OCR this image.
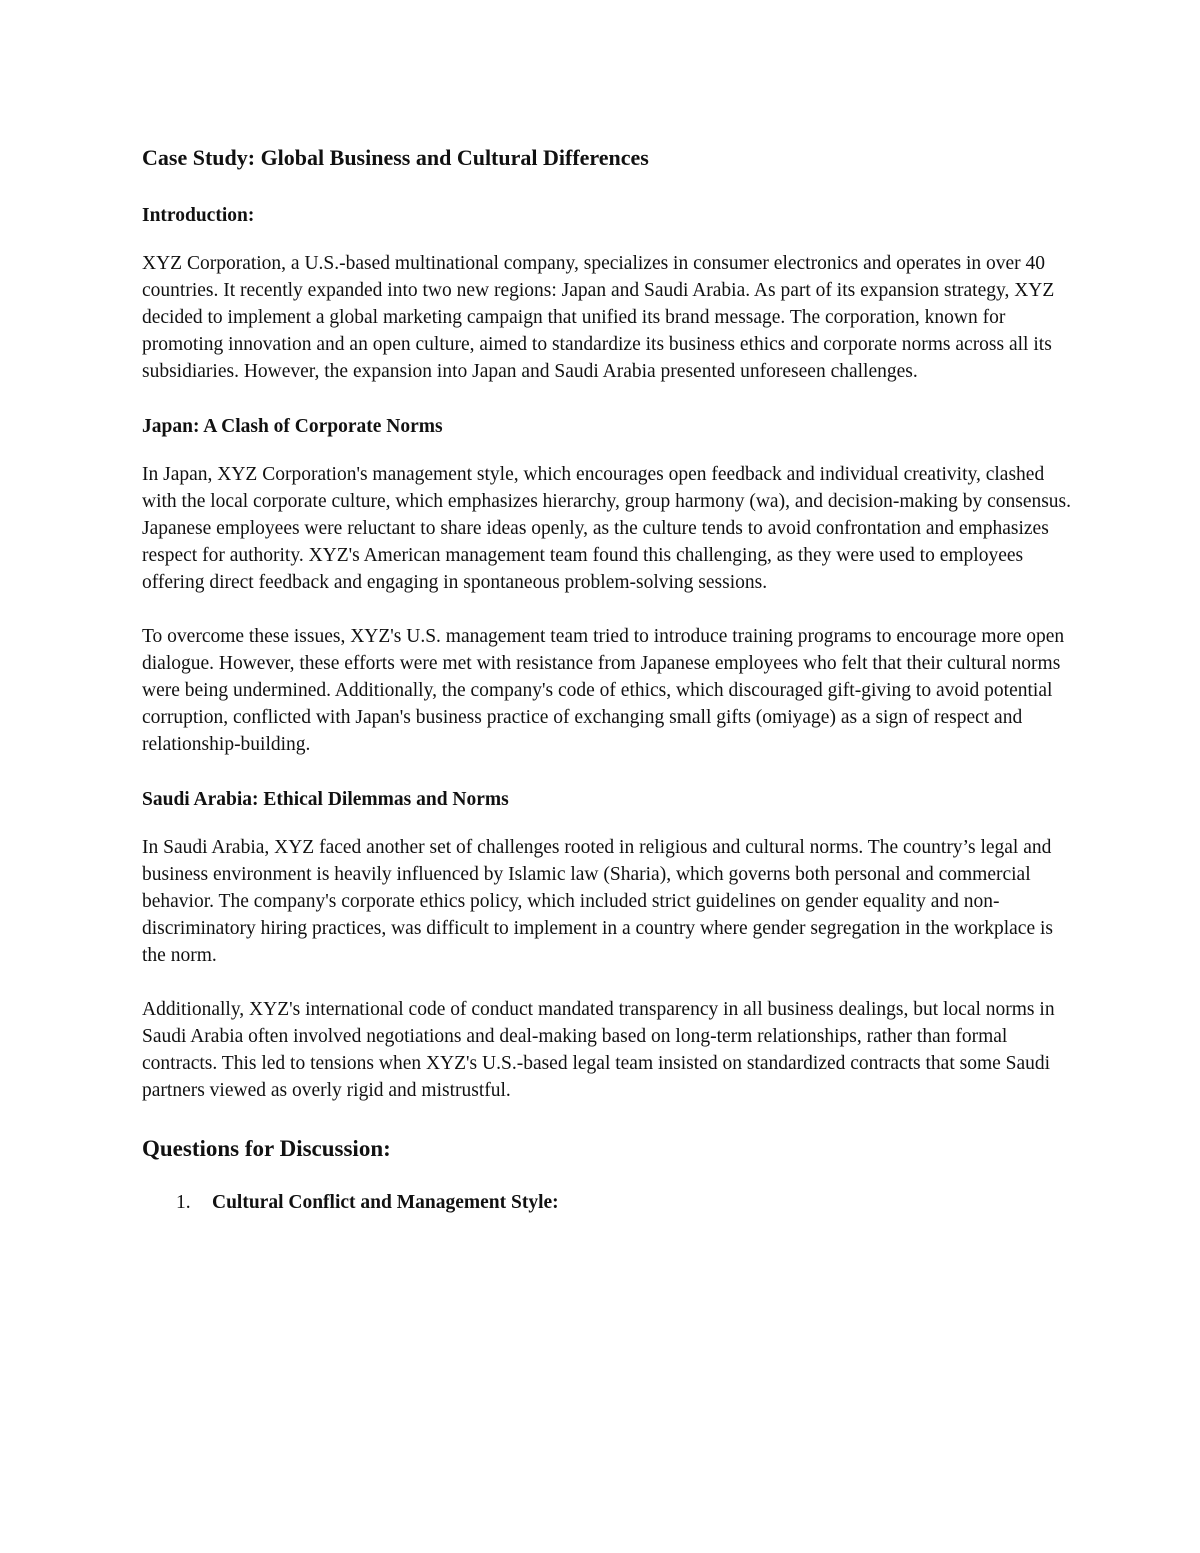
Case Study: Global Business and Cultural Differences
Introduction:

XYZ Corporation, a U.S.-based multinational company, specializes in consumer electronics and operates in over 40 countries. It recently expanded into two new regions: Japan and Saudi Arabia. As part of its expansion strategy, XYZ decided to implement a global marketing campaign that unified its brand message. The corporation, known for promoting innovation and an open culture, aimed to standardize its business ethics and corporate norms across all its subsidiaries. However, the expansion into Japan and Saudi Arabia presented unforeseen challenges.

Japan: A Clash of Corporate Norms

In Japan, XYZ Corporation's management style, which encourages open feedback and individual creativity, clashed with the local corporate culture, which emphasizes hierarchy, group harmony (wa), and decision-making by consensus. Japanese employees were reluctant to share ideas openly, as the culture tends to avoid confrontation and emphasizes respect for authority. XYZ's American management team found this challenging, as they were used to employees offering direct feedback and engaging in spontaneous problem-solving sessions.

To overcome these issues, XYZ's U.S. management team tried to introduce training programs to encourage more open dialogue. However, these efforts were met with resistance from Japanese employees who felt that their cultural norms were being undermined. Additionally, the company's code of ethics, which discouraged gift-giving to avoid potential corruption, conflicted with Japan's business practice of exchanging small gifts (omiyage) as a sign of respect and relationship-building.

Saudi Arabia: Ethical Dilemmas and Norms

In Saudi Arabia, XYZ faced another set of challenges rooted in religious and cultural norms. The country’s legal and business environment is heavily influenced by Islamic law (Sharia), which governs both personal and commercial behavior. The company's corporate ethics policy, which included strict guidelines on gender equality and non-discriminatory hiring practices, was difficult to implement in a country where gender segregation in the workplace is the norm.

Additionally, XYZ's international code of conduct mandated transparency in all business dealings, but local norms in Saudi Arabia often involved negotiations and deal-making based on long-term relationships, rather than formal contracts. This led to tensions when XYZ's U.S.-based legal team insisted on standardized contracts that some Saudi partners viewed as overly rigid and mistrustful.

Questions for Discussion:
1.	Cultural Conflict and Management Style:
